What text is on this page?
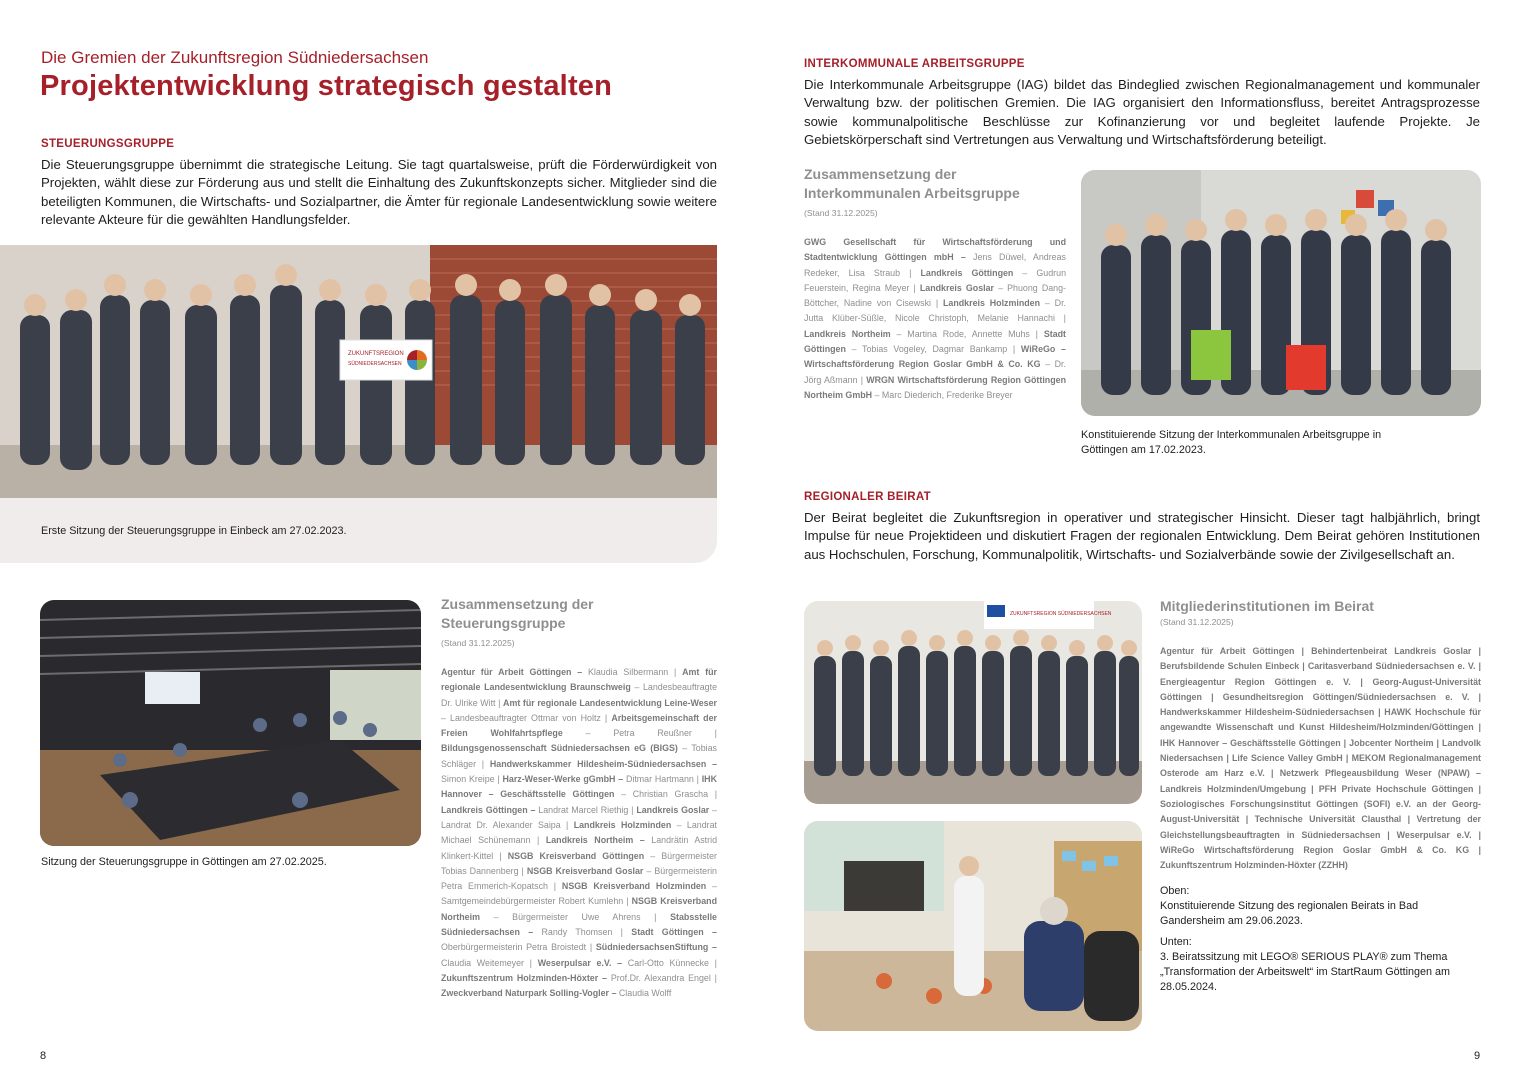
Die Gremien der Zukunftsregion Südniedersachsen
Projektentwicklung strategisch gestalten
STEUERUNGSGRUPPE
Die Steuerungsgruppe übernimmt die strategische Leitung. Sie tagt quartalsweise, prüft die Förderwürdigkeit von Projekten, wählt diese zur Förderung aus und stellt die Einhaltung des Zukunftskonzepts sicher. Mitglieder sind die beteiligten Kommunen, die Wirtschafts- und Sozialpartner, die Ämter für regionale Landesentwicklung sowie weitere relevante Akteure für die gewählten Handlungsfelder.
ZUKUNFTSREGION
SÜDNIEDERSACHSEN
Erste Sitzung der Steuerungsgruppe in Einbeck am 27.02.2023.
Sitzung der Steuerungsgruppe in Göttingen am 27.02.2025.
Zusammensetzung der
Steuerungsgruppe
(Stand 31.12.2025)
Agentur für Arbeit Göttingen – Klaudia Silbermann | Amt für regionale Landesentwicklung Braunschweig – Landesbeauftragte Dr. Ulrike Witt | Amt für regionale Landesentwicklung Leine-Weser – Landesbeauftragter Ottmar von Holtz | Arbeitsgemeinschaft der Freien Wohlfahrtspflege – Petra Reußner | Bildungsgenossenschaft Südniedersachsen eG (BIGS) – Tobias Schläger | Handwerkskammer Hildesheim-Südniedersachsen – Simon Kreipe | Harz-Weser-Werke gGmbH – Ditmar Hartmann | IHK Hannover – Geschäftsstelle Göttingen – Christian Grascha | Landkreis Göttingen – Landrat Marcel Riethig | Landkreis Goslar – Landrat Dr. Alexander Saipa | Landkreis Holzminden – Landrat Michael Schünemann | Landkreis Northeim – Landrätin Astrid Klinkert-Kittel | NSGB Kreisverband Göttingen – Bürgermeister Tobias Dannenberg | NSGB Kreisverband Goslar – Bürgermeisterin Petra Emmerich-Kopatsch | NSGB Kreisverband Holzminden – Samtgemeindebürgermeister Robert Kumlehn | NSGB Kreisverband Northeim – Bürgermeister Uwe Ahrens | Stabsstelle Südniedersachsen – Randy Thomsen | Stadt Göttingen – Oberbürgermeisterin Petra Broistedt | SüdniedersachsenStiftung – Claudia Weitemeyer | Weserpulsar e.V. – Carl-Otto Künnecke | Zukunftszentrum Holzminden-Höxter – Prof.Dr. Alexandra Engel | Zweckverband Naturpark Solling-Vogler – Claudia Wolff
8
INTERKOMMUNALE ARBEITSGRUPPE
Die Interkommunale Arbeitsgruppe (IAG) bildet das Bindeglied zwischen Regionalmanagement und kommunaler Verwaltung bzw. der politischen Gremien. Die IAG organisiert den Informationsfluss, bereitet Antragsprozesse sowie kommunalpolitische Beschlüsse zur Kofinanzierung vor und begleitet laufende Projekte. Je Gebietskörperschaft sind Vertretungen aus Verwaltung und Wirtschaftsförderung beteiligt.
Zusammensetzung der
Interkommunalen Arbeitsgruppe
(Stand 31.12.2025)
GWG Gesellschaft für Wirtschaftsförderung und Stadtentwicklung Göttingen mbH – Jens Düwel, Andreas Redeker, Lisa Straub | Landkreis Göttingen – Gudrun Feuerstein, Regina Meyer | Landkreis Goslar – Phuong Dang-Böttcher, Nadine von Cisewski | Landkreis Holzminden – Dr. Jutta Klüber-Süßle, Nicole Christoph, Melanie Hannachi | Landkreis Northeim – Martina Rode, Annette Muhs | Stadt Göttingen – Tobias Vogeley, Dagmar Bankamp | WiReGo – Wirtschaftsförderung Region Goslar GmbH & Co. KG – Dr. Jörg Aßmann | WRGN Wirtschaftsförderung Region Göttingen Northeim GmbH – Marc Diederich, Frederike Breyer
Konstituierende Sitzung der Interkommunalen Arbeitsgruppe in Göttingen am 17.02.2023.
REGIONALER BEIRAT
Der Beirat begleitet die Zukunftsregion in operativer und strategischer Hinsicht. Dieser tagt halbjährlich, bringt Impulse für neue Projektideen und diskutiert Fragen der regionalen Entwicklung. Dem Beirat gehören Institutionen aus Hochschulen, Forschung, Kommunalpolitik, Wirtschafts- und Sozialverbände sowie der Zivilgesellschaft an.
ZUKUNFTSREGION SÜDNIEDERSACHSEN	Mitgliederinstitutionen im Beirat
(Stand 31.12.2025)
Agentur für Arbeit Göttingen | Behindertenbeirat Landkreis Goslar | Berufsbildende Schulen Einbeck | Caritasverband Südniedersachsen e. V. | Energieagentur Region Göttingen e. V. | Georg-August-Universität Göttingen | Gesundheitsregion Göttingen/Südniedersachsen e. V. | Handwerkskammer Hildesheim-Südniedersachsen | HAWK Hochschule für angewandte Wissenschaft und Kunst Hildesheim/Holzminden/Göttingen | IHK Hannover – Geschäftsstelle Göttingen | Jobcenter Northeim | Landvolk Niedersachsen | Life Science Valley GmbH | MEKOM Regionalmanagement Osterode am Harz e.V. | Netzwerk Pflegeausbildung Weser (NPAW) – Landkreis Holzminden/Umgebung | PFH Private Hochschule Göttingen | Soziologisches Forschungsinstitut Göttingen (SOFI) e.V. an der Georg-August-Universität | Technische Universität Clausthal | Vertretung der Gleichstellungsbeauftragten in Südniedersachsen | Weserpulsar e.V. | WiReGo Wirtschaftsförderung Region Goslar GmbH & Co. KG | Zukunftszentrum Holzminden-Höxter (ZZHH)
Oben:
Konstituierende Sitzung des regionalen Beirats in Bad Gandersheim am 29.06.2023.
Unten:
3. Beiratssitzung mit LEGO® SERIOUS PLAY® zum Thema „Transformation der Arbeitswelt“ im StartRaum Göttingen am 28.05.2024.
9
